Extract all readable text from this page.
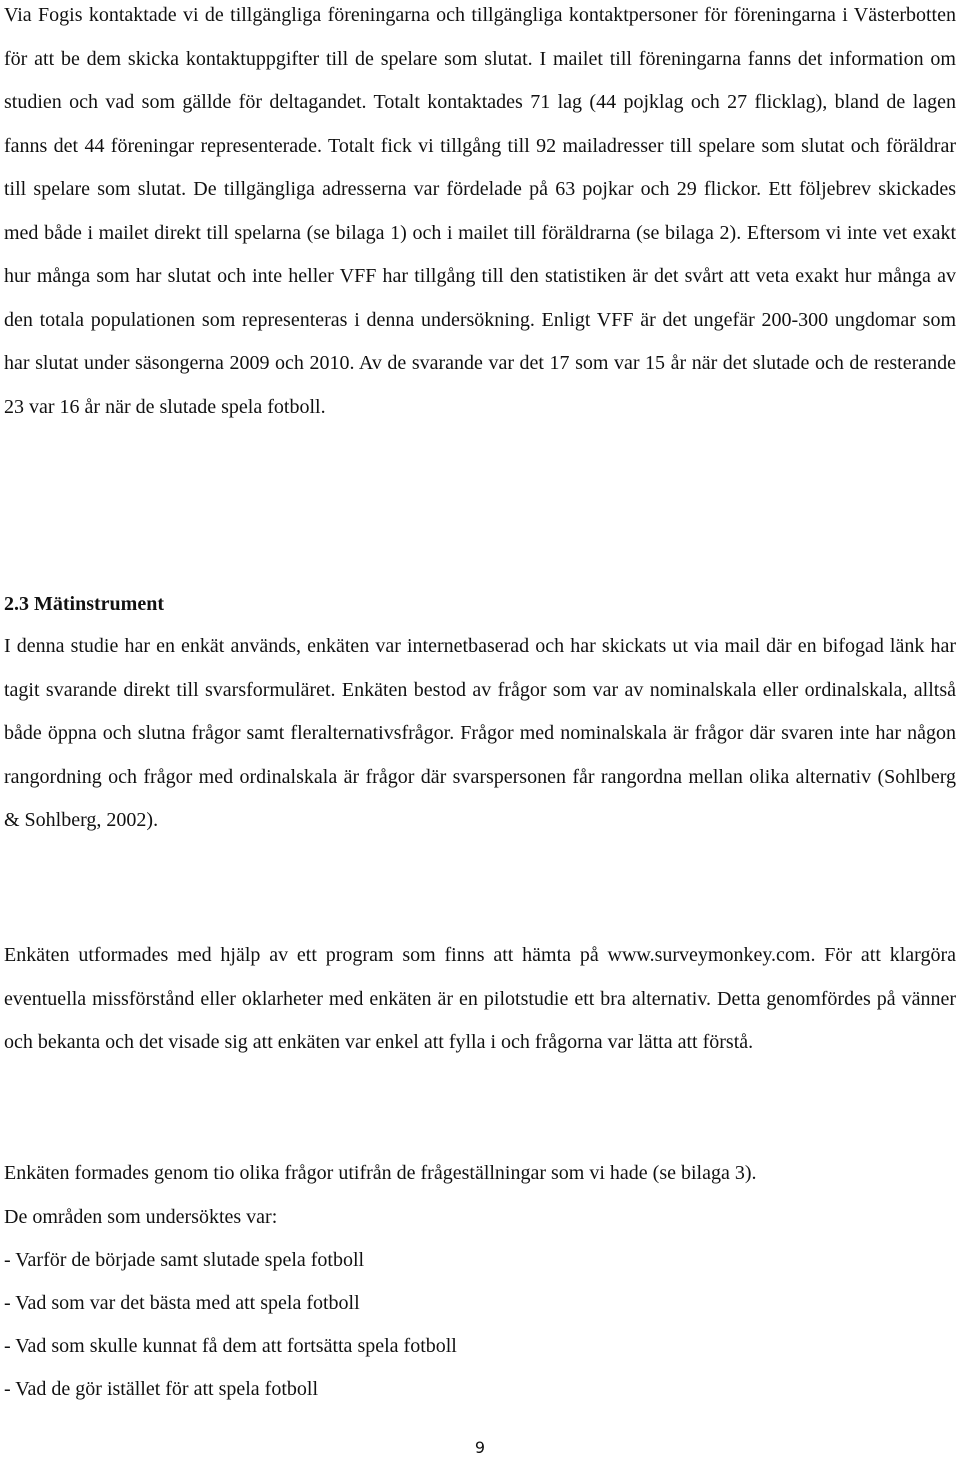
Via Fogis kontaktade vi de tillgängliga föreningarna och tillgängliga kontaktpersoner för föreningarna i Västerbotten för att be dem skicka kontaktuppgifter till de spelare som slutat. I mailet till föreningarna fanns det information om studien och vad som gällde för deltagandet. Totalt kontaktades 71 lag (44 pojklag och 27 flicklag), bland de lagen fanns det 44 föreningar representerade. Totalt fick vi tillgång till 92 mailadresser till spelare som slutat och föräldrar till spelare som slutat. De tillgängliga adresserna var fördelade på 63 pojkar och 29 flickor. Ett följebrev skickades med både i mailet direkt till spelarna (se bilaga 1) och i mailet till föräldrarna (se bilaga 2). Eftersom vi inte vet exakt hur många som har slutat och inte heller VFF har tillgång till den statistiken är det svårt att veta exakt hur många av den totala populationen som representeras i denna undersökning. Enligt VFF är det ungefär 200-300 ungdomar som har slutat under säsongerna 2009 och 2010. Av de svarande var det 17 som var 15 år när det slutade och de resterande 23 var 16 år när de slutade spela fotboll.

2.3 Mätinstrument

I denna studie har en enkät används, enkäten var internetbaserad och har skickats ut via mail där en bifogad länk har tagit svarande direkt till svarsformuläret. Enkäten bestod av frågor som var av nominalskala eller ordinalskala, alltså både öppna och slutna frågor samt fleralternativsfrågor. Frågor med nominalskala är frågor där svaren inte har någon rangordning och frågor med ordinalskala är frågor där svarspersonen får rangordna mellan olika alternativ (Sohlberg & Sohlberg, 2002).

Enkäten utformades med hjälp av ett program som finns att hämta på www.surveymonkey.com. För att klargöra eventuella missförstånd eller oklarheter med enkäten är en pilotstudie ett bra alternativ. Detta genomfördes på vänner och bekanta och det visade sig att enkäten var enkel att fylla i och frågorna var lätta att förstå.

Enkäten formades genom tio olika frågor utifrån de frågeställningar som vi hade (se bilaga 3).

De områden som undersöktes var:

- Varför de började samt slutade spela fotboll
- Vad som var det bästa med att spela fotboll
- Vad som skulle kunnat få dem att fortsätta spela fotboll
- Vad de gör istället för att spela fotboll
9
